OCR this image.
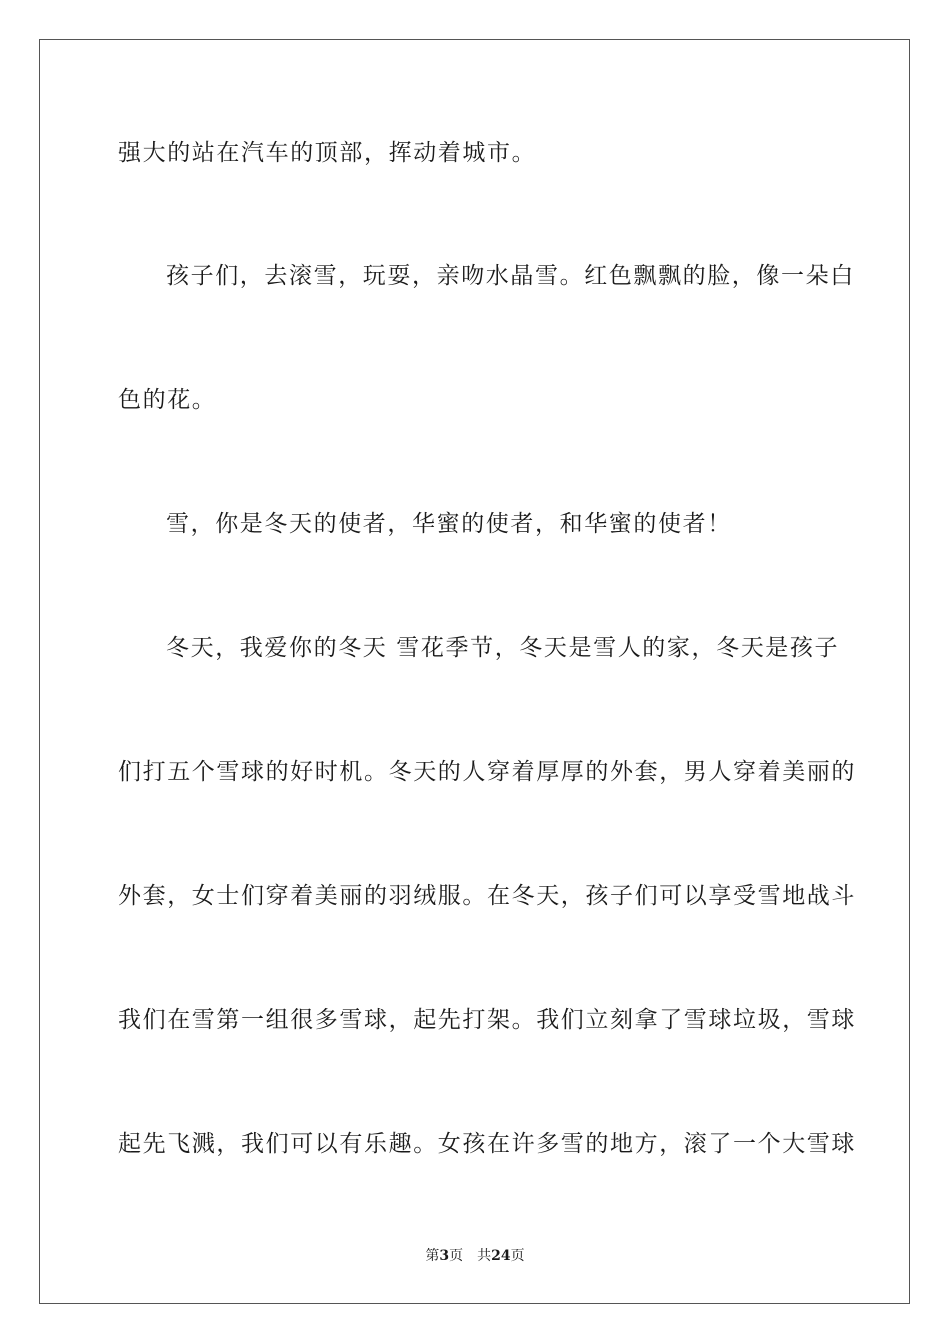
强大的站在汽车的顶部，挥动着城市。
孩子们，去滚雪，玩耍，亲吻水晶雪。红色飘飘的脸，像一朵白
色的花。
雪，你是冬天的使者，华蜜的使者，和华蜜的使者！
冬天，我爱你的冬天 雪花季节，冬天是雪人的家，冬天是孩子
们打五个雪球的好时机。冬天的人穿着厚厚的外套，男人穿着美丽的
外套，女士们穿着美丽的羽绒服。在冬天，孩子们可以享受雪地战斗
我们在雪第一组很多雪球，起先打架。我们立刻拿了雪球垃圾，雪球
起先飞溅，我们可以有乐趣。女孩在许多雪的地方，滚了一个大雪球
第3页 共24页
